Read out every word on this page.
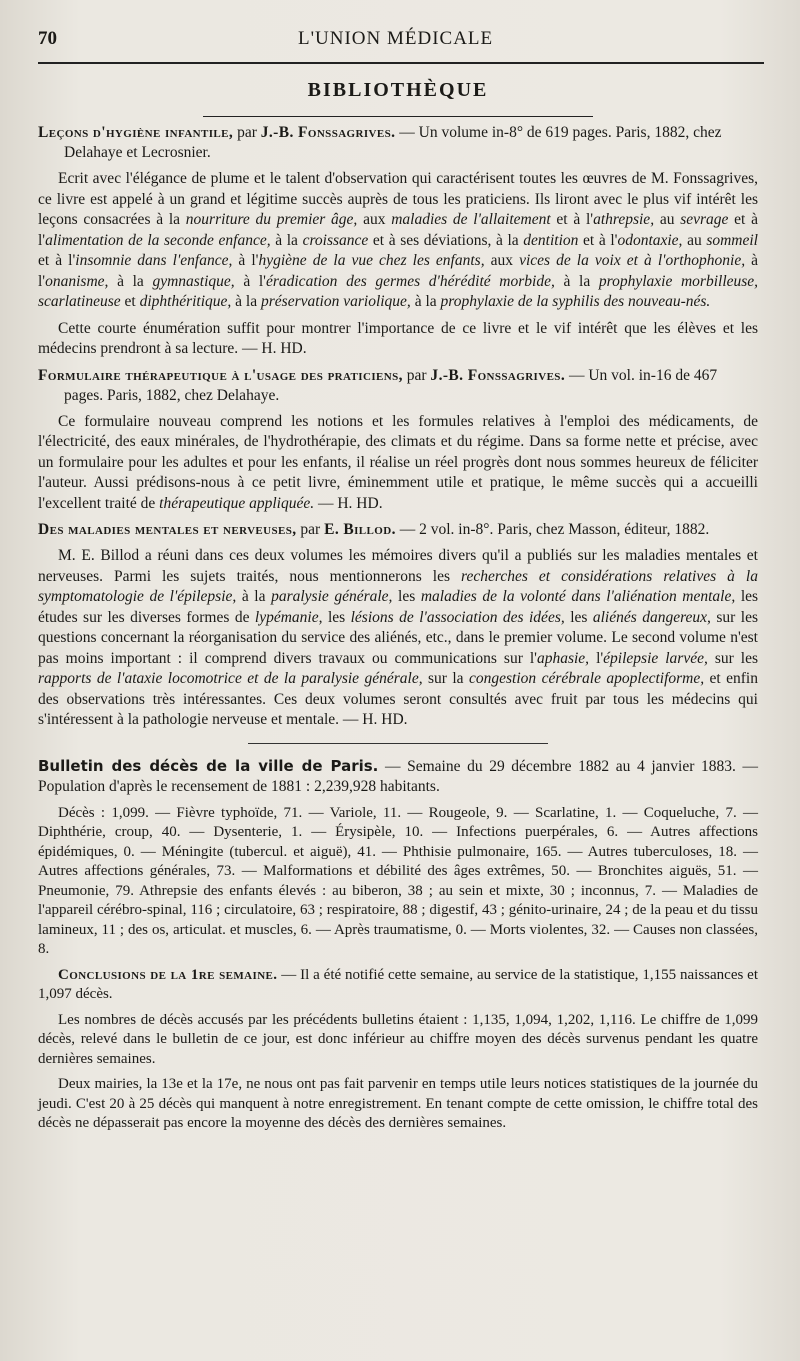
70	L'UNION MÉDICALE
BIBLIOTHÈQUE

Leçons d'hygiène infantile, par J.-B. Fonssagrives. — Un volume in-8° de 619 pages. Paris, 1882, chez Delahaye et Lecrosnier.

Ecrit avec l'élégance de plume et le talent d'observation qui caractérisent toutes les œuvres de M. Fonssagrives, ce livre est appelé à un grand et légitime succès auprès de tous les praticiens. Ils liront avec le plus vif intérêt les leçons consacrées à la nourriture du premier âge, aux maladies de l'allaitement et à l'athrepsie, au sevrage et à l'alimentation de la seconde enfance, à la croissance et à ses déviations, à la dentition et à l'odontaxie, au sommeil et à l'insomnie dans l'enfance, à l'hygiène de la vue chez les enfants, aux vices de la voix et à l'orthophonie, à l'onanisme, à la gymnastique, à l'éradication des germes d'hérédité morbide, à la prophylaxie morbilleuse, scarlatineuse et diphthéritique, à la préservation variolique, à la prophylaxie de la syphilis des nouveau-nés.

Cette courte énumération suffit pour montrer l'importance de ce livre et le vif intérêt que les élèves et les médecins prendront à sa lecture. — H. HD.

Formulaire thérapeutique à l'usage des praticiens, par J.-B. Fonssagrives. — Un vol. in-16 de 467 pages. Paris, 1882, chez Delahaye.

Ce formulaire nouveau comprend les notions et les formules relatives à l'emploi des médicaments, de l'électricité, des eaux minérales, de l'hydrothérapie, des climats et du régime. Dans sa forme nette et précise, avec un formulaire pour les adultes et pour les enfants, il réalise un réel progrès dont nous sommes heureux de féliciter l'auteur. Aussi prédisons-nous à ce petit livre, éminemment utile et pratique, le même succès qui a accueilli l'excellent traité de thérapeutique appliquée. — H. HD.

Des maladies mentales et nerveuses, par E. Billod. — 2 vol. in-8°. Paris, chez Masson, éditeur, 1882.

M. E. Billod a réuni dans ces deux volumes les mémoires divers qu'il a publiés sur les maladies mentales et nerveuses. Parmi les sujets traités, nous mentionnerons les recherches et considérations relatives à la symptomatologie de l'épilepsie, à la paralysie générale, les maladies de la volonté dans l'aliénation mentale, les études sur les diverses formes de lypémanie, les lésions de l'association des idées, les aliénés dangereux, sur les questions concernant la réorganisation du service des aliénés, etc., dans le premier volume. Le second volume n'est pas moins important : il comprend divers travaux ou communications sur l'aphasie, l'épilepsie larvée, sur les rapports de l'ataxie locomotrice et de la paralysie générale, sur la congestion cérébrale apoplectiforme, et enfin des observations très intéressantes. Ces deux volumes seront consultés avec fruit par tous les médecins qui s'intéressent à la pathologie nerveuse et mentale. — H. HD.

Bulletin des décès de la ville de Paris. — Semaine du 29 décembre 1882 au 4 janvier 1883. — Population d'après le recensement de 1881 : 2,239,928 habitants.

Décès : 1,099. — Fièvre typhoïde, 71. — Variole, 11. — Rougeole, 9. — Scarlatine, 1. — Coqueluche, 7. — Diphthérie, croup, 40. — Dysenterie, 1. — Érysipèle, 10. — Infections puerpérales, 6. — Autres affections épidémiques, 0. — Méningite (tubercul. et aiguë), 41. — Phthisie pulmonaire, 165. — Autres tuberculoses, 18. — Autres affections générales, 73. — Malformations et débilité des âges extrêmes, 50. — Bronchites aiguës, 51. — Pneumonie, 79. Athrepsie des enfants élevés : au biberon, 38 ; au sein et mixte, 30 ; inconnus, 7. — Maladies de l'appareil cérébro-spinal, 116 ; circulatoire, 63 ; respiratoire, 88 ; digestif, 43 ; génito-urinaire, 24 ; de la peau et du tissu lamineux, 11 ; des os, articulat. et muscles, 6. — Après traumatisme, 0. — Morts violentes, 32. — Causes non classées, 8.

Conclusions de la 1re semaine. — Il a été notifié cette semaine, au service de la statistique, 1,155 naissances et 1,097 décès.

Les nombres de décès accusés par les précédents bulletins étaient : 1,135, 1,094, 1,202, 1,116. Le chiffre de 1,099 décès, relevé dans le bulletin de ce jour, est donc inférieur au chiffre moyen des décès survenus pendant les quatre dernières semaines.

Deux mairies, la 13e et la 17e, ne nous ont pas fait parvenir en temps utile leurs notices statistiques de la journée du jeudi. C'est 20 à 25 décès qui manquent à notre enregistrement. En tenant compte de cette omission, le chiffre total des décès ne dépasserait pas encore la moyenne des décès des dernières semaines.
